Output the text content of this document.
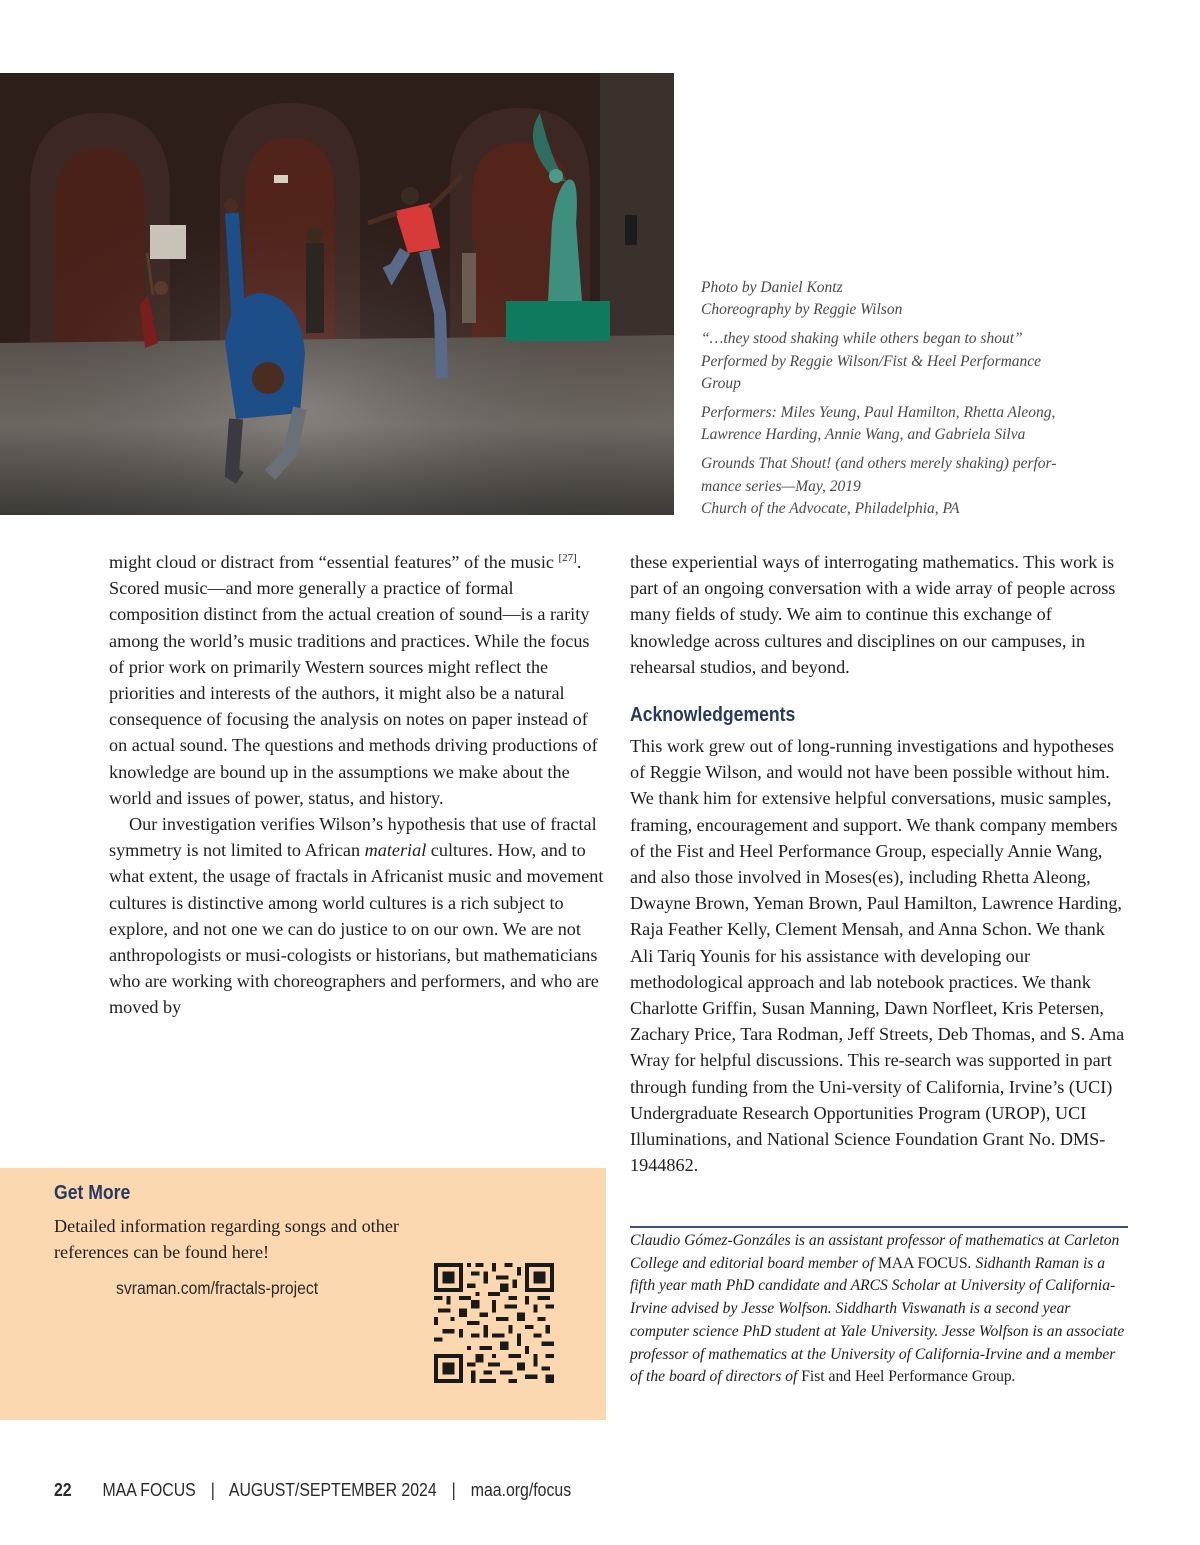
Photo by Daniel Kontz
Choreography by Reggie Wilson

“…they stood shaking while others began to shout”
Performed by Reggie Wilson/Fist & Heel Performance
Group

Performers: Miles Yeung, Paul Hamilton, Rhetta Aleong,
Lawrence Harding, Annie Wang, and Gabriela Silva

Grounds That Shout! (and others merely shaking) perfor-
mance series—May, 2019
Church of the Advocate, Philadelphia, PA

might cloud or distract from “essential features” of the music [27]. Scored music—and more generally a practice of formal composition distinct from the actual creation of sound—is a rarity among the world’s music traditions and practices. While the focus of prior work on primarily Western sources might reflect the priorities and interests of the authors, it might also be a natural consequence of focusing the analysis on notes on paper instead of on actual sound. The questions and methods driving productions of knowledge are bound up in the assumptions we make about the world and issues of power, status, and history.

Our investigation verifies Wilson’s hypothesis that use of fractal symmetry is not limited to African material cultures. How, and to what extent, the usage of fractals in Africanist music and movement cultures is distinctive among world cultures is a rich subject to explore, and not one we can do justice to on our own. We are not anthropologists or musi-cologists or historians, but mathematicians who are working with choreographers and performers, and who are moved by

these experiential ways of interrogating mathematics. This work is part of an ongoing conversation with a wide array of people across many fields of study. We aim to continue this exchange of knowledge across cultures and disciplines on our campuses, in rehearsal studios, and beyond.

Acknowledgements

This work grew out of long-running investigations and hypotheses of Reggie Wilson, and would not have been possible without him. We thank him for extensive helpful conversations, music samples, framing, encouragement and support. We thank company members of the Fist and Heel Performance Group, especially Annie Wang, and also those involved in Moses(es), including Rhetta Aleong, Dwayne Brown, Yeman Brown, Paul Hamilton, Lawrence Harding, Raja Feather Kelly, Clement Mensah, and Anna Schon. We thank Ali Tariq Younis for his assistance with developing our methodological approach and lab notebook practices. We thank Charlotte Griffin, Susan Manning, Dawn Norfleet, Kris Petersen, Zachary Price, Tara Rodman, Jeff Streets, Deb Thomas, and S. Ama Wray for helpful discussions. This re-search was supported in part through funding from the Uni-versity of California, Irvine’s (UCI) Undergraduate Research Opportunities Program (UROP), UCI Illuminations, and National Science Foundation Grant No. DMS-1944862.

Claudio Gómez-Gonzáles is an assistant professor of mathematics at Carleton College and editorial board member of MAA FOCUS. Sidhanth Raman is a fifth year math PhD candidate and ARCS Scholar at University of California-Irvine advised by Jesse Wolfson. Siddharth Viswanath is a second year computer science PhD student at Yale University. Jesse Wolfson is an associate professor of mathematics at the University of California-Irvine and a member of the board of directors of Fist and Heel Performance Group.
Get More
Detailed information regarding songs and other references can be found here!
svraman.com/fractals-project
22 MAA FOCUS | AUGUST/SEPTEMBER 2024 | maa.org/focus
